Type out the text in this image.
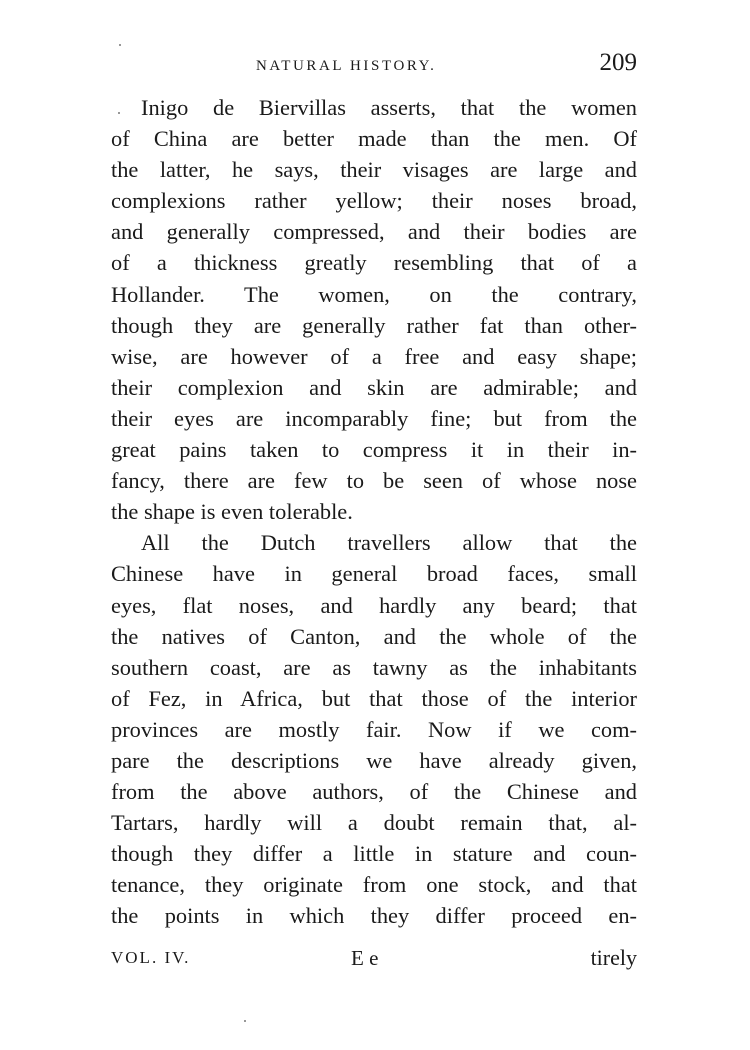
NATURAL HISTORY.	209
Inigo de Biervillas asserts, that the women
of China are better made than the men. Of
the latter, he says, their visages are large and
complexions rather yellow; their noses broad,
and generally compressed, and their bodies are
of a thickness greatly resembling that of a
Hollander. The women, on the contrary,
though they are generally rather fat than other-
wise, are however of a free and easy shape;
their complexion and skin are admirable; and
their eyes are incomparably fine; but from the
great pains taken to compress it in their in-
fancy, there are few to be seen of whose nose
the shape is even tolerable.
All the Dutch travellers allow that the
Chinese have in general broad faces, small
eyes, flat noses, and hardly any beard; that
the natives of Canton, and the whole of the
southern coast, are as tawny as the inhabitants
of Fez, in Africa, but that those of the interior
provinces are mostly fair. Now if we com-
pare the descriptions we have already given,
from the above authors, of the Chinese and
Tartars, hardly will a doubt remain that, al-
though they differ a little in stature and coun-
tenance, they originate from one stock, and that
the points in which they differ proceed en-
VOL. IV.	E e	tirely
